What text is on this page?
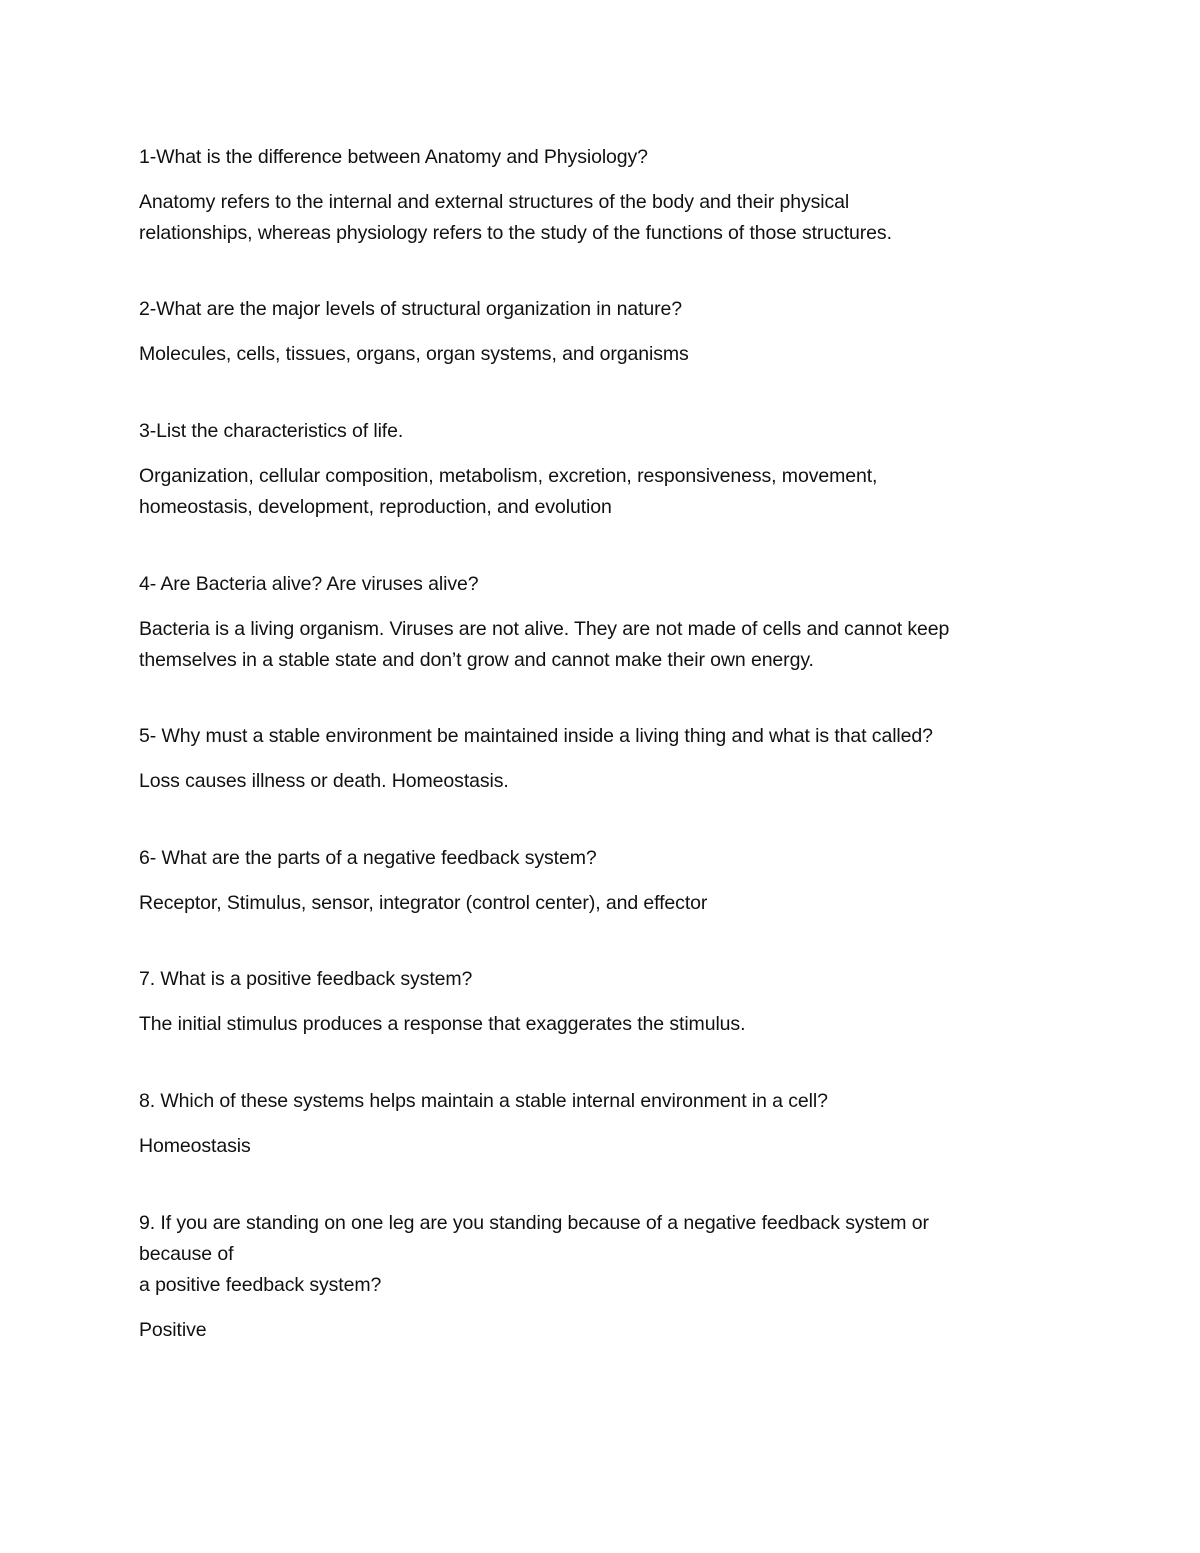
1-What is the difference between Anatomy and Physiology?

Anatomy refers to the internal and external structures of the body and their physical

relationships, whereas physiology refers to the study of the functions of those structures.

2-What are the major levels of structural organization in nature?

Molecules, cells, tissues, organs, organ systems, and organisms

3-List the characteristics of life.

Organization, cellular composition, metabolism, excretion, responsiveness, movement,

homeostasis, development, reproduction, and evolution

4- Are Bacteria alive? Are viruses alive?

Bacteria is a living organism. Viruses are not alive. They are not made of cells and cannot keep

themselves in a stable state and don’t grow and cannot make their own energy.

5- Why must a stable environment be maintained inside a living thing and what is that called?

Loss causes illness or death. Homeostasis.

6- What are the parts of a negative feedback system?

Receptor, Stimulus, sensor, integrator (control center), and effector

7. What is a positive feedback system?

The initial stimulus produces a response that exaggerates the stimulus.

8. Which of these systems helps maintain a stable internal environment in a cell?

Homeostasis

9. If you are standing on one leg are you standing because of a negative feedback system or

because of

a positive feedback system?

Positive
